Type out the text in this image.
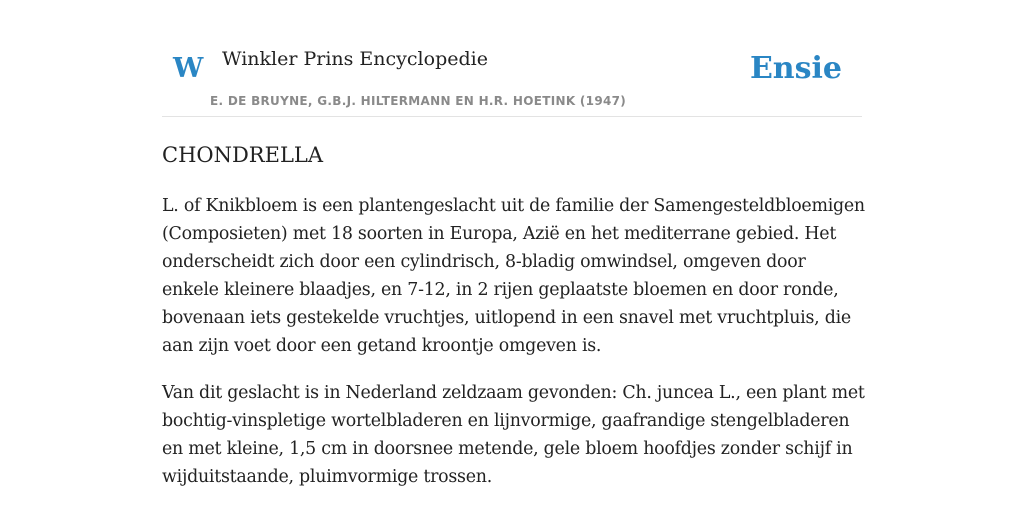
W Winkler Prins Encyclopedie
E. DE BRUYNE, G.B.J. HILTERMANN EN H.R. HOETINK (1947)
Ensie
CHONDRELLA

L. of Knikbloem is een plantengeslacht uit de familie der Samengesteldbloemigen (Composieten) met 18 soorten in Europa, Azië en het mediterrane gebied. Het onderscheidt zich door een cylindrisch, 8-bladig omwindsel, omgeven door enkele kleinere blaadjes, en 7-12, in 2 rijen geplaatste bloemen en door ronde, bovenaan iets gestekelde vruchtjes, uitlopend in een snavel met vruchtpluis, die aan zijn voet door een getand kroontje omgeven is.

Van dit geslacht is in Nederland zeldzaam gevonden: Ch. juncea L., een plant met bochtig-vinspletige wortelbladeren en lijnvormige, gaafrandige stengelbladeren en met kleine, 1,5 cm in doorsnee metende, gele bloem hoofdjes zonder schijf in wijduitstaande, pluimvormige trossen.
